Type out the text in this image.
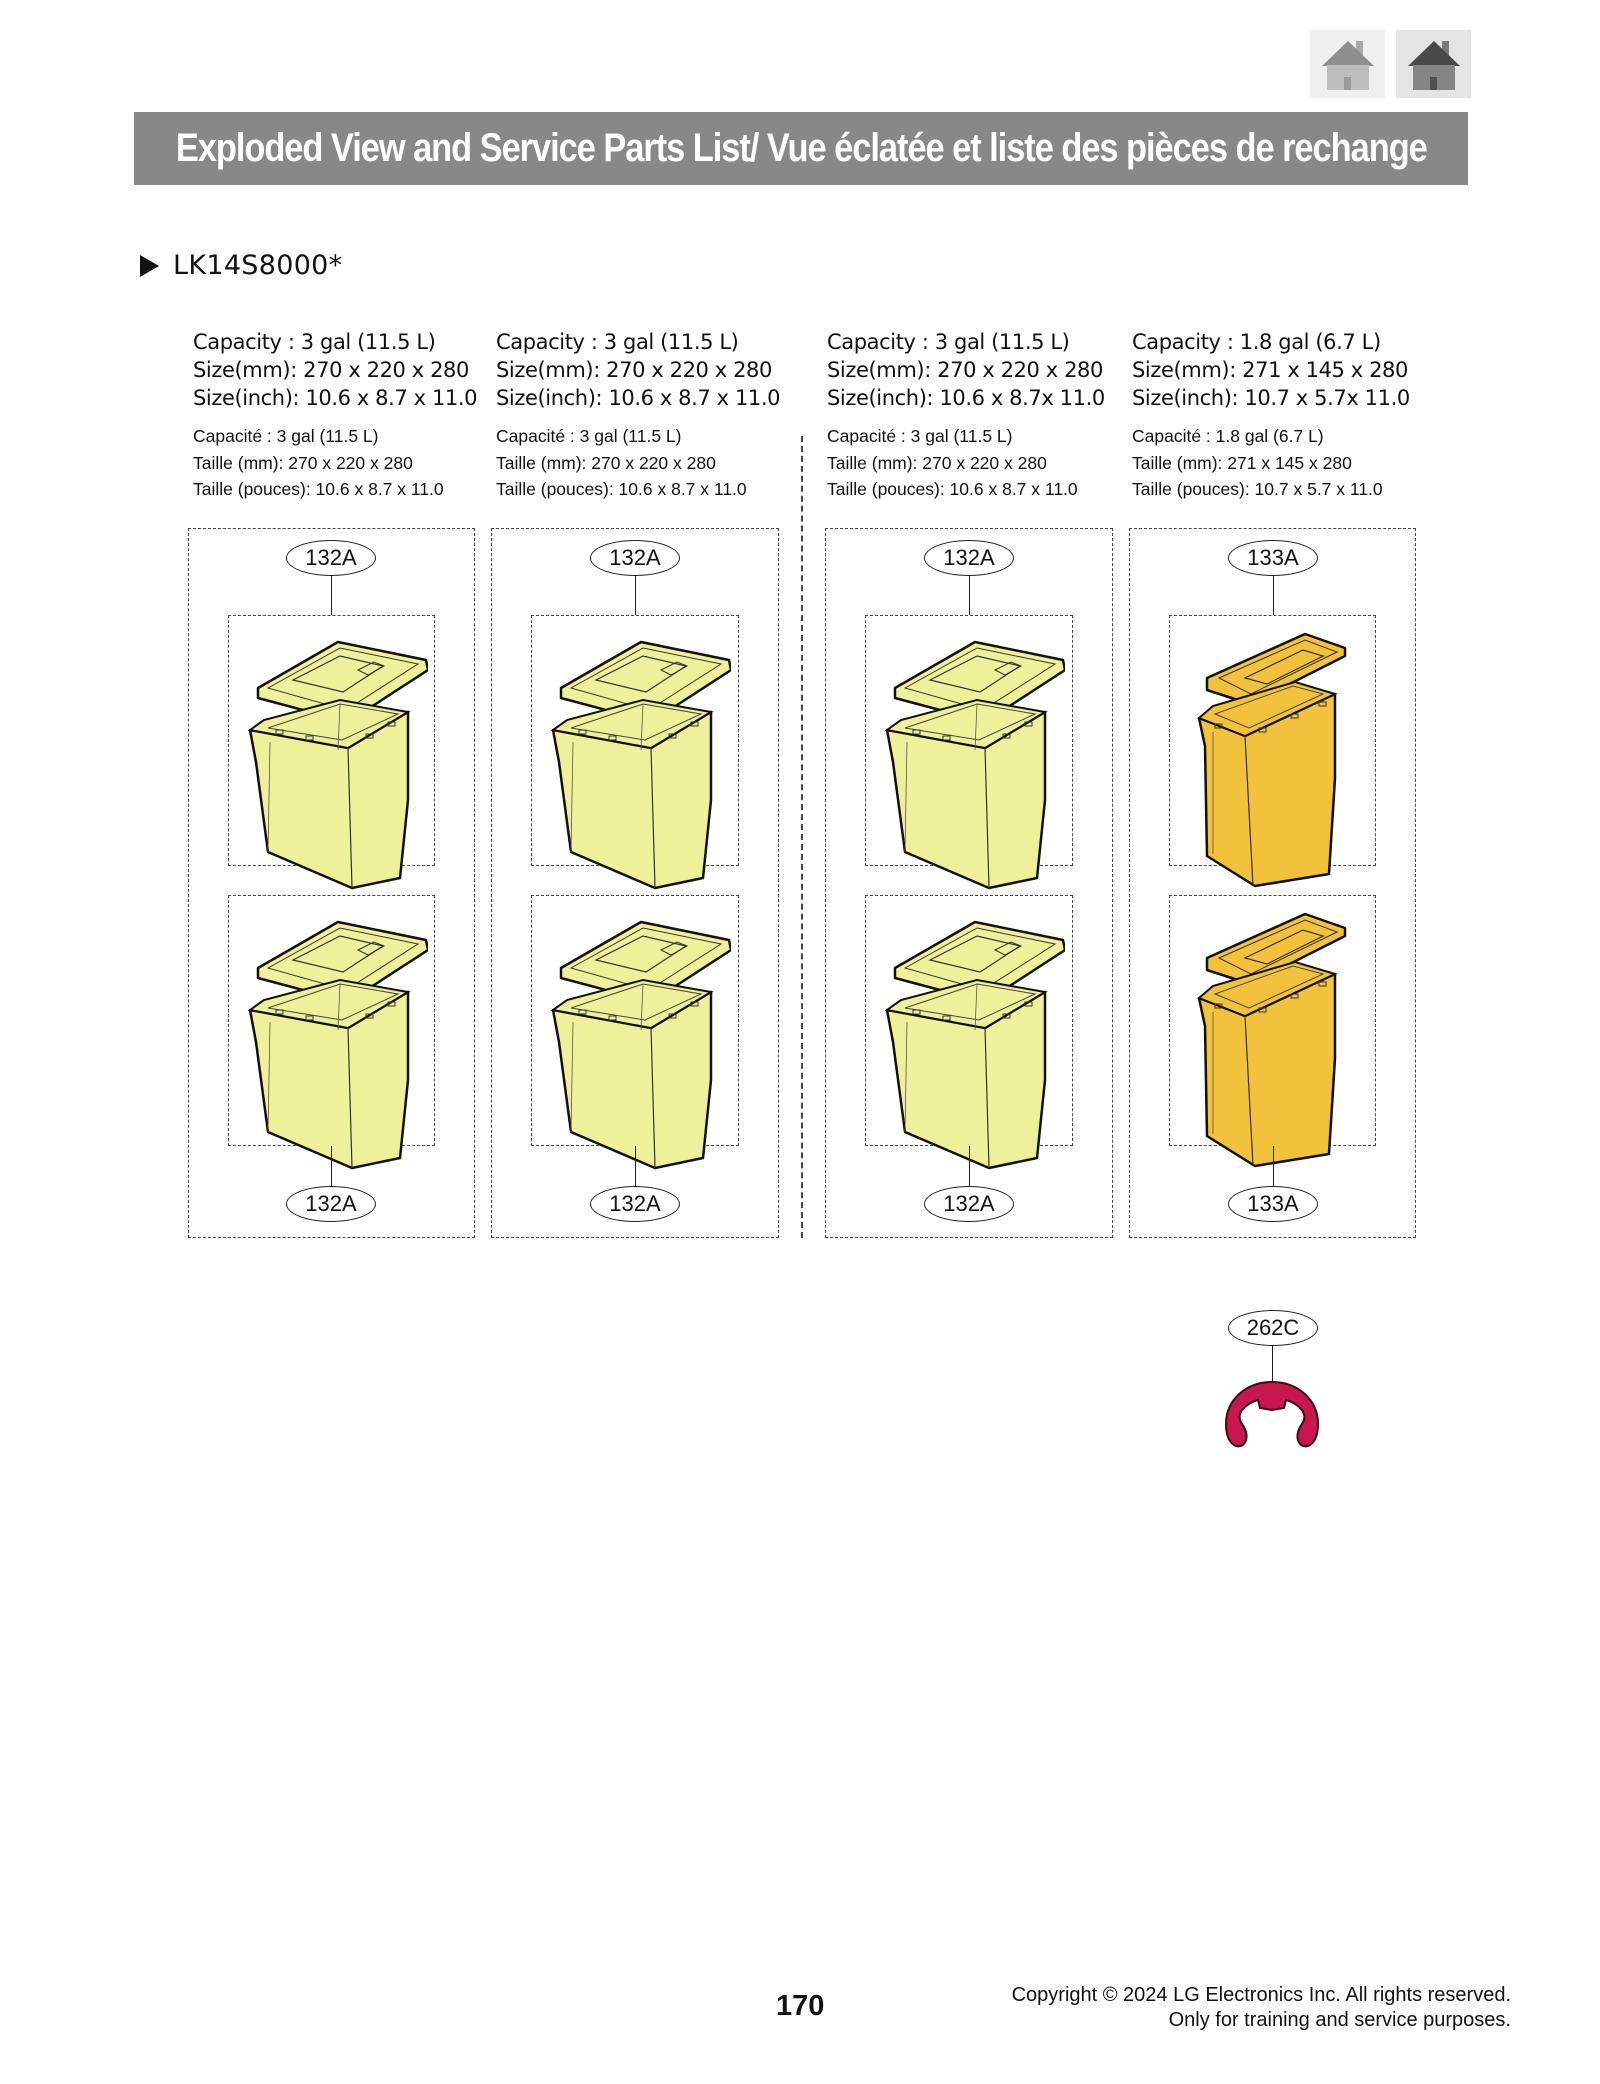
Exploded View and Service Parts List/ Vue éclatée et liste des pièces de rechange
LK14S8000*
Capacity : 3 gal (11.5 L)
Size(mm): 270 x 220 x 280
Size(inch): 10.6 x 8.7 x 11.0
Capacité : 3 gal (11.5 L)
Taille (mm): 270 x 220 x 280
Taille (pouces): 10.6 x 8.7 x 11.0
Capacity : 3 gal (11.5 L)
Size(mm): 270 x 220 x 280
Size(inch): 10.6 x 8.7 x 11.0
Capacité : 3 gal (11.5 L)
Taille (mm): 270 x 220 x 280
Taille (pouces): 10.6 x 8.7 x 11.0
Capacity : 3 gal (11.5 L)
Size(mm): 270 x 220 x 280
Size(inch): 10.6 x 8.7x 11.0
Capacité : 3 gal (11.5 L)
Taille (mm): 270 x 220 x 280
Taille (pouces): 10.6 x 8.7 x 11.0
Capacity : 1.8 gal (6.7 L)
Size(mm): 271 x 145 x 280
Size(inch): 10.7 x 5.7x 11.0
Capacité : 1.8 gal (6.7 L)
Taille (mm): 271 x 145 x 280
Taille (pouces): 10.7 x 5.7 x 11.0
132A
132A
132A
132A
132A
132A
133A
133A
262C
170	Copyright © 2024 LG Electronics Inc. All rights reserved.
Only for training and service purposes.
